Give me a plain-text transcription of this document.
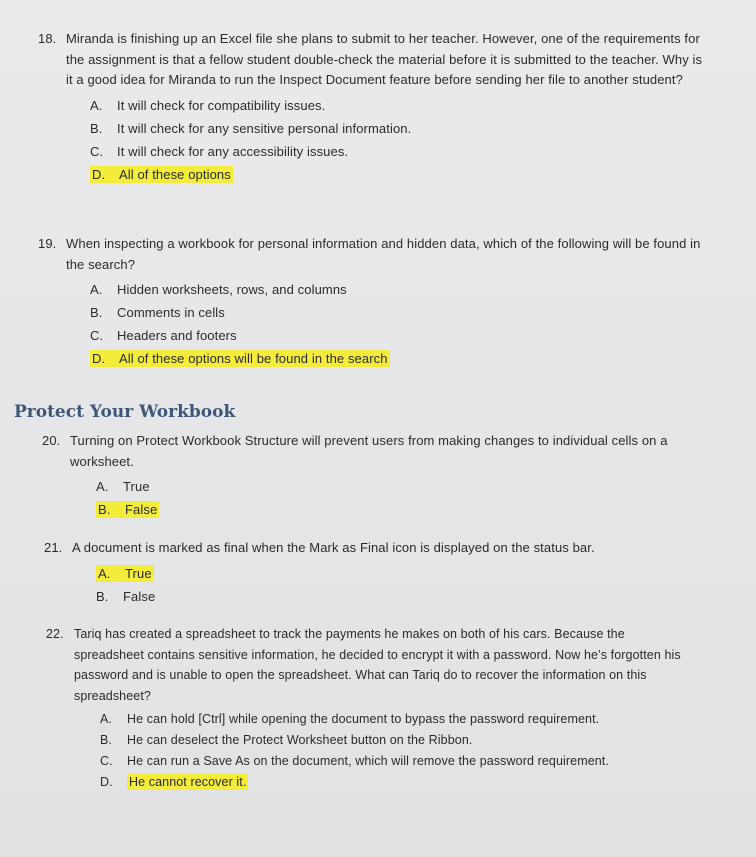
18. Miranda is finishing up an Excel file she plans to submit to her teacher. However, one of the requirements for the assignment is that a fellow student double-check the material before it is submitted to the teacher. Why is it a good idea for Miranda to run the Inspect Document feature before sending her file to another student?
A. It will check for compatibility issues.
B. It will check for any sensitive personal information.
C. It will check for any accessibility issues.
D. All of these options
19. When inspecting a workbook for personal information and hidden data, which of the following will be found in the search?
A. Hidden worksheets, rows, and columns
B. Comments in cells
C. Headers and footers
D. All of these options will be found in the search
Protect Your Workbook
20. Turning on Protect Workbook Structure will prevent users from making changes to individual cells on a worksheet.
A. True
B. False
21. A document is marked as final when the Mark as Final icon is displayed on the status bar.
A. True
B. False
22. Tariq has created a spreadsheet to track the payments he makes on both of his cars. Because the spreadsheet contains sensitive information, he decided to encrypt it with a password. Now he’s forgotten his password and is unable to open the spreadsheet. What can Tariq do to recover the information on this spreadsheet?
A. He can hold [Ctrl] while opening the document to bypass the password requirement.
B. He can deselect the Protect Worksheet button on the Ribbon.
C. He can run a Save As on the document, which will remove the password requirement.
D. He cannot recover it.
